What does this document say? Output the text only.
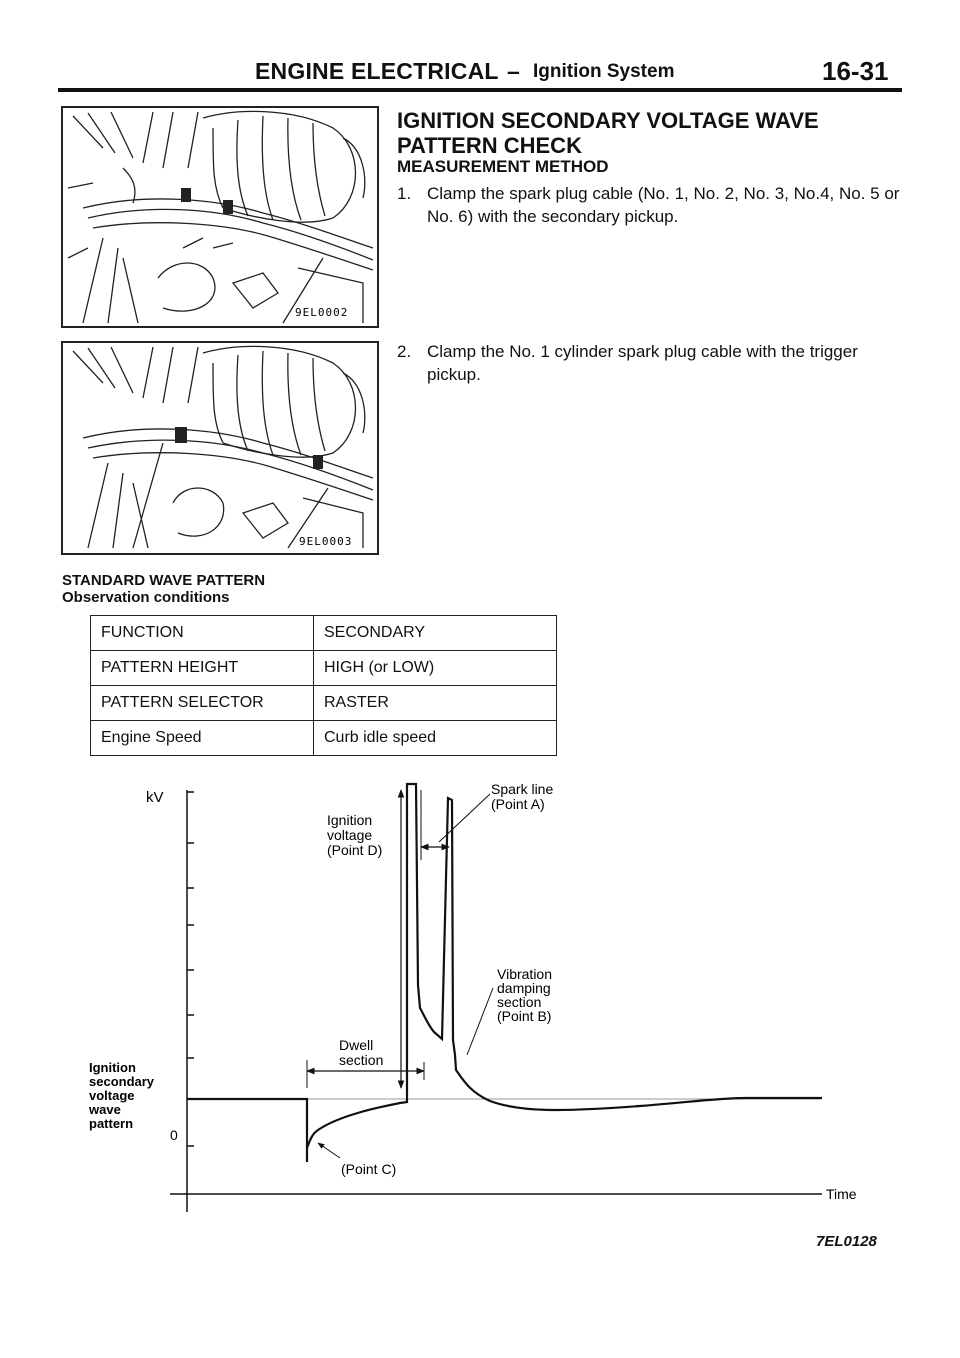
ENGINE ELECTRICAL – Ignition System	16-31
9EL0002
9EL0003
IGNITION SECONDARY VOLTAGE WAVE PATTERN CHECK
MEASUREMENT METHOD
1. Clamp the spark plug cable (No. 1, No. 2, No. 3, No.4, No. 5 or No. 6) with the secondary pickup.
2. Clamp the No. 1 cylinder spark plug cable with the trigger pickup.
STANDARD WAVE PATTERN
Observation conditions
FUNCTION	SECONDARY
PATTERN HEIGHT	HIGH (or LOW)
PATTERN SELECTOR	RASTER
Engine Speed	Curb idle speed
kV
0
Ignition
secondary
voltage
wave
pattern
Ignition
voltage
(Point D)
Spark line
(Point A)
Vibration
damping
section
(Point B)
Dwell
section
(Point C)
Time
7EL0128
